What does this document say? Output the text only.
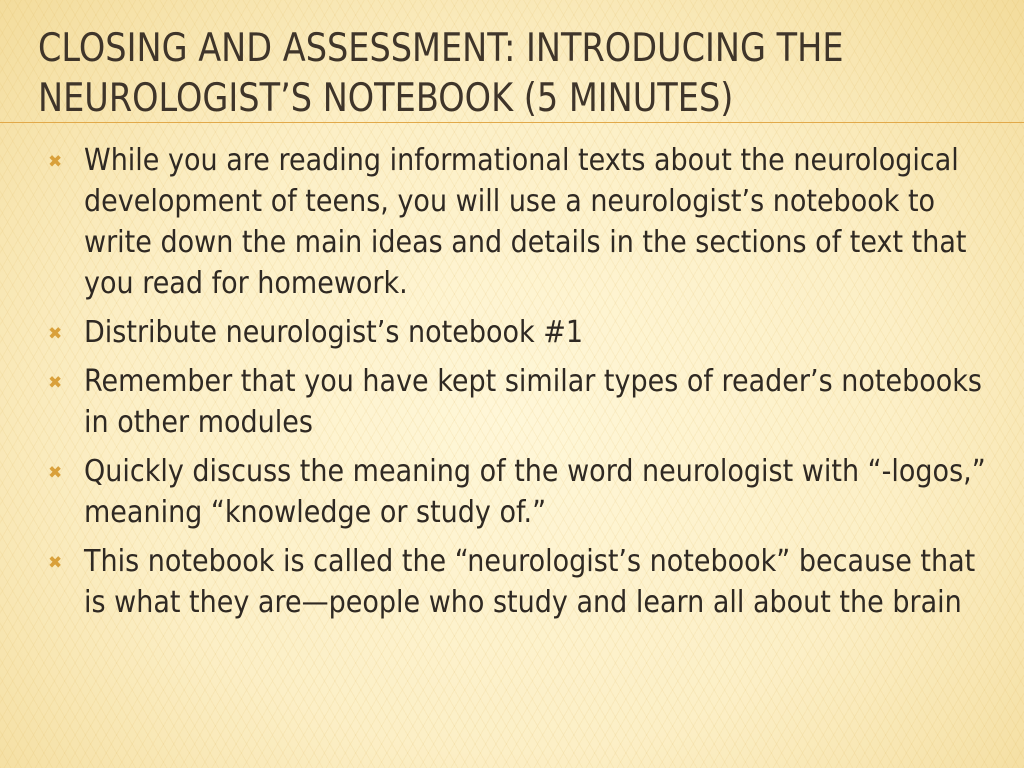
CLOSING AND ASSESSMENT: INTRODUCING THE
NEUROLOGIST’S NOTEBOOK (5 MINUTES)
✖ While you are reading informational texts about the neurological development of teens, you will use a neurologist’s notebook to write down the main ideas and details in the sections of text that you read for homework.
✖ Distribute neurologist’s notebook #1
✖ Remember that you have kept similar types of reader’s notebooks in other modules
✖ Quickly discuss the meaning of the word neurologist with “-logos,” meaning “knowledge or study of.”
✖ This notebook is called the “neurologist’s notebook” because that is what they are—people who study and learn all about the brain
